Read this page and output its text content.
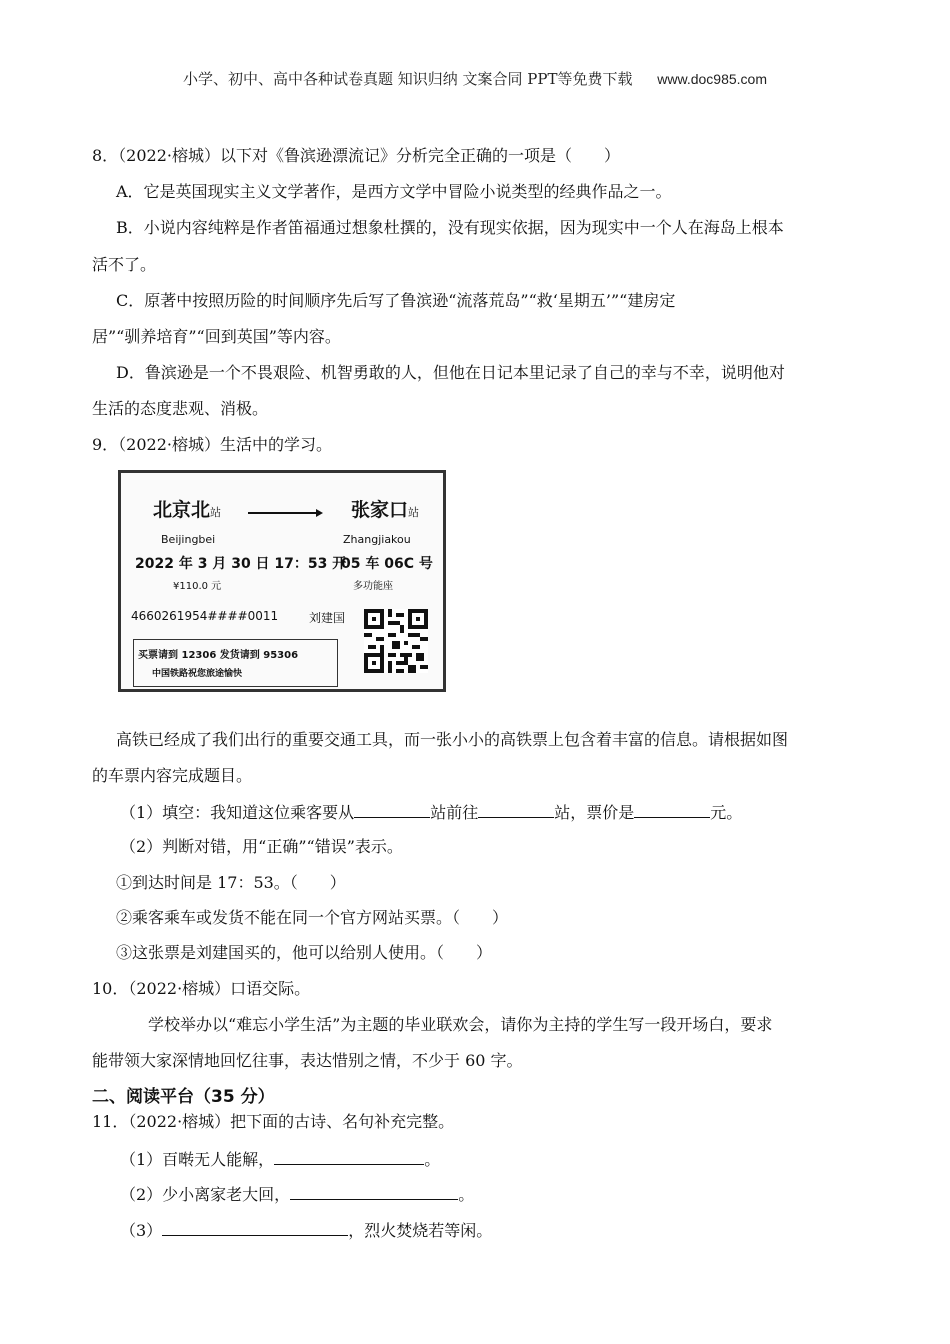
小学、初中、高中各种试卷真题 知识归纳 文案合同 PPT等免费下载 www.doc985.com
8．（2022·榕城）以下对《鲁滨逊漂流记》分析完全正确的一项是（　　）
A．它是英国现实主义文学著作，是西方文学中冒险小说类型的经典作品之一。
B．小说内容纯粹是作者笛福通过想象杜撰的，没有现实依据，因为现实中一个人在海岛上根本
活不了。
C．原著中按照历险的时间顺序先后写了鲁滨逊“流落荒岛”“救‘星期五’”“建房定
居”“驯养培育”“回到英国”等内容。
D．鲁滨逊是一个不畏艰险、机智勇敢的人，但他在日记本里记录了自己的幸与不幸，说明他对
生活的态度悲观、消极。
9．（2022·榕城）生活中的学习。
北京北站	张家口站
Beijingbei	Zhangjiakou
2022 年 3 月 30 日 17：53 开
05 车 06C 号
¥110.0 元	多功能座
4660261954####0011	刘建国
买票请到 12306 发货请到 95306
中国铁路祝您旅途愉快
高铁已经成了我们出行的重要交通工具，而一张小小的高铁票上包含着丰富的信息。请根据如图
的车票内容完成题目。
（1）填空：我知道这位乘客要从	站前往	站，票价是	元。
（2）判断对错，用“正确”“错误”表示。
①到达时间是 17：53。（　　）
②乘客乘车或发货不能在同一个官方网站买票。（　　）
③这张票是刘建国买的，他可以给别人使用。（　　）
10．（2022·榕城）口语交际。
学校举办以“难忘小学生活”为主题的毕业联欢会，请你为主持的学生写一段开场白，要求
能带领大家深情地回忆往事，表达惜别之情，不少于 60 字。
二、阅读平台（35 分）
11．（2022·榕城）把下面的古诗、名句补充完整。
（1）百啭无人能解，	。
（2）少小离家老大回，	。
（3）	，烈火焚烧若等闲。
